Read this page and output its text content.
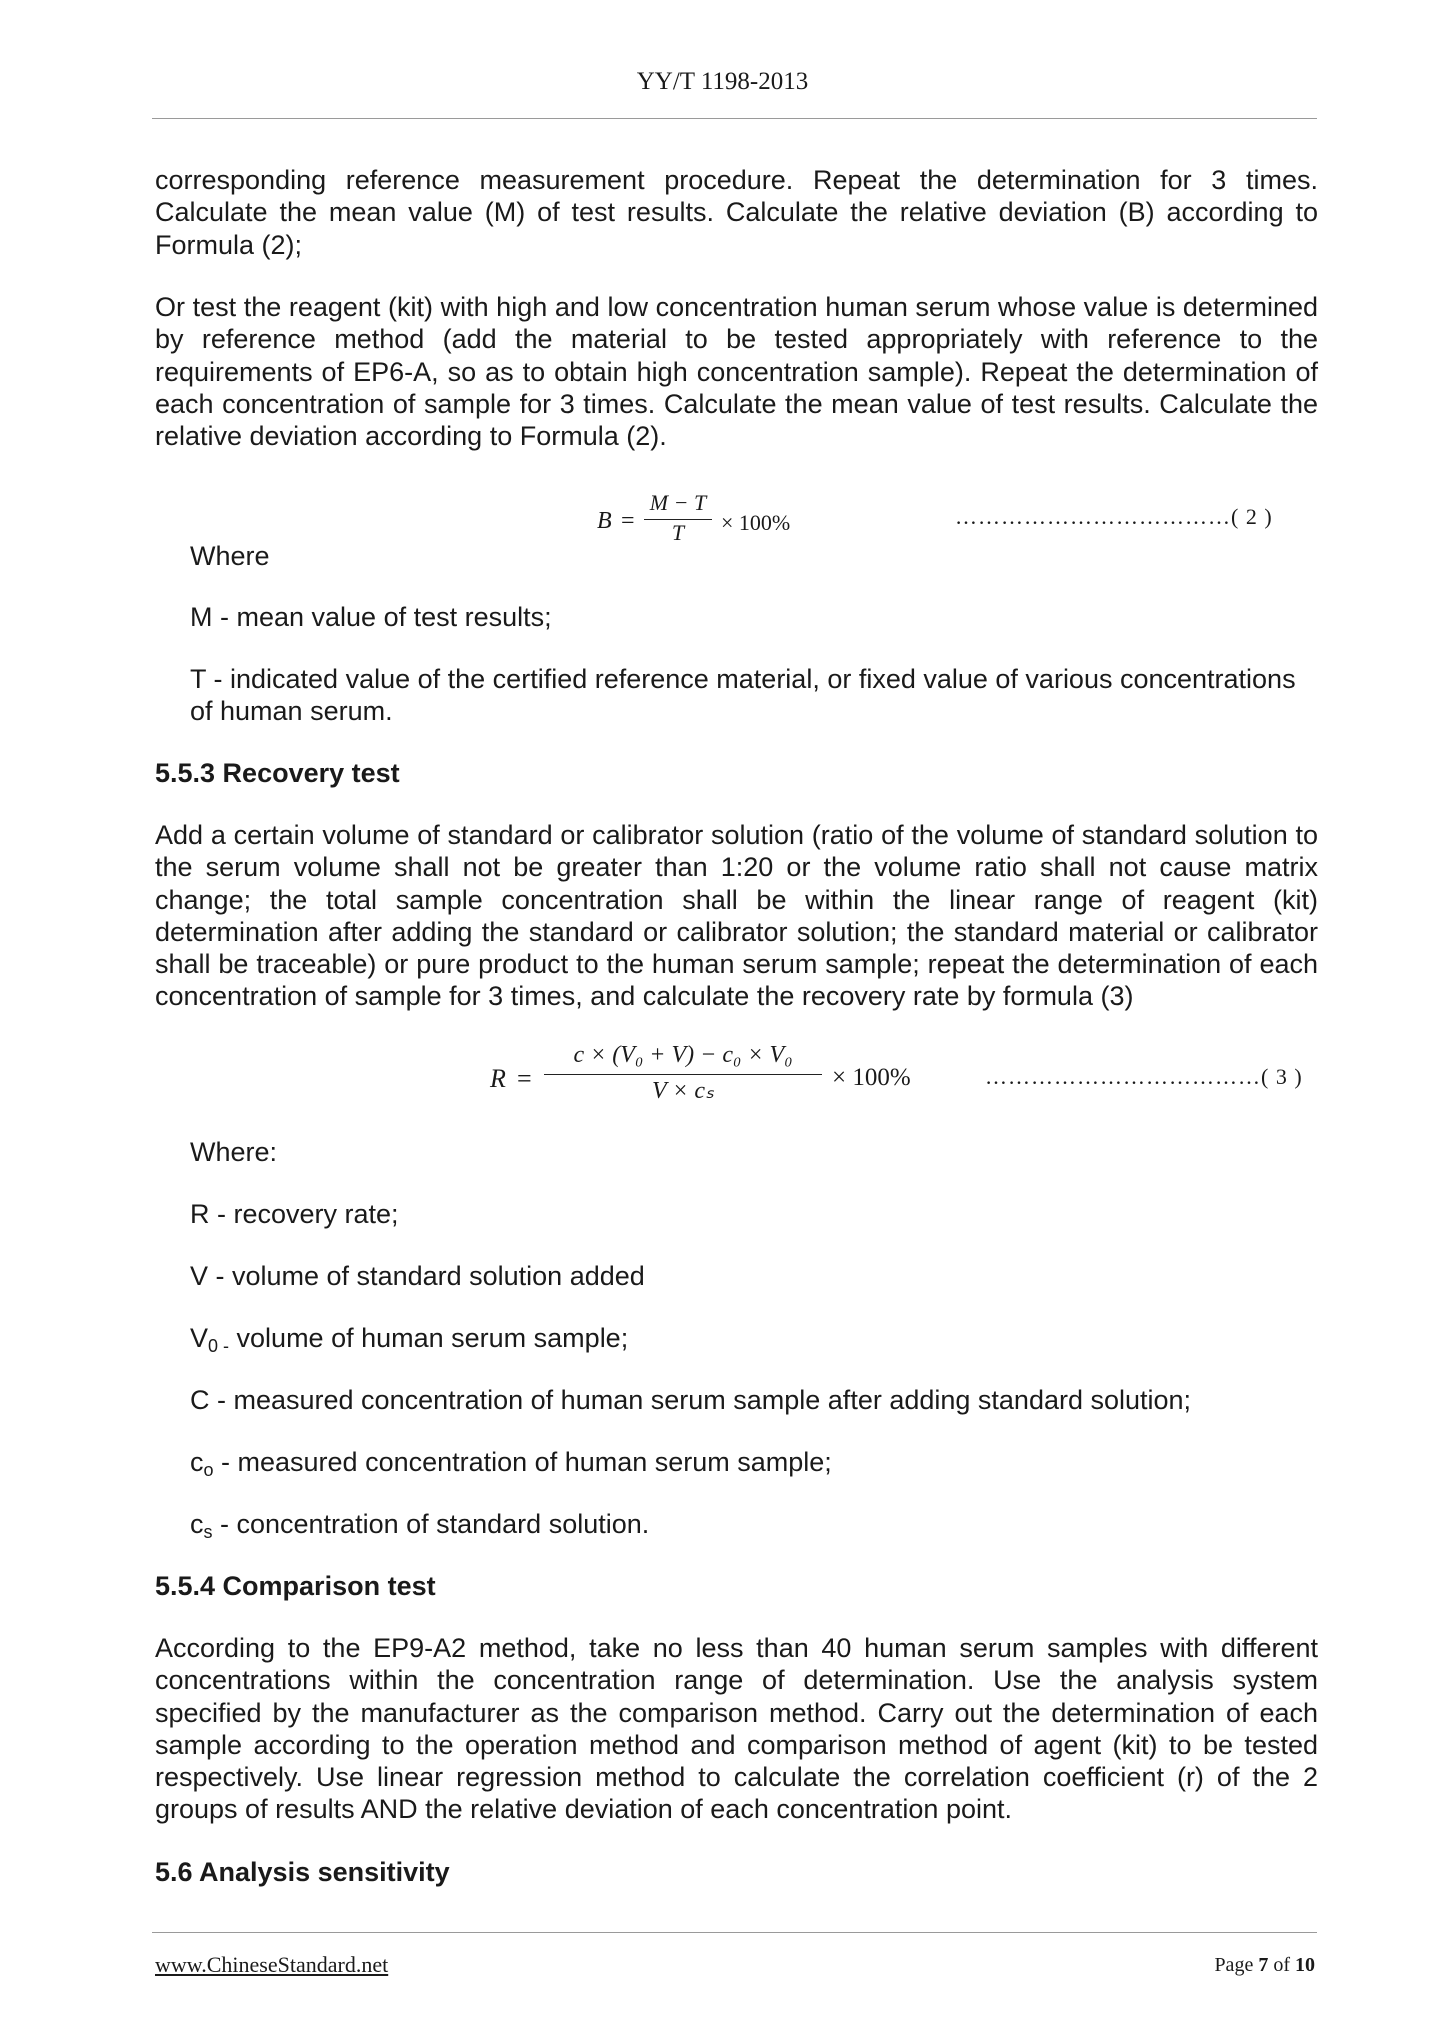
YY/T 1198-2013
corresponding reference measurement procedure. Repeat the determination for 3 times. Calculate the mean value (M) of test results. Calculate the relative deviation (B) according to Formula (2);
Or test the reagent (kit) with high and low concentration human serum whose value is determined by reference method (add the material to be tested appropriately with reference to the requirements of EP6-A, so as to obtain high concentration sample). Repeat the determination of each concentration of sample for 3 times. Calculate the mean value of test results. Calculate the relative deviation according to Formula (2).
B =
M − T
T	× 100%	………………………………( 2 )
Where
M - mean value of test results;
T - indicated value of the certified reference material, or fixed value of various concentrations of human serum.
5.5.3 Recovery test
Add a certain volume of standard or calibrator solution (ratio of the volume of standard solution to the serum volume shall not be greater than 1:20 or the volume ratio shall not cause matrix change; the total sample concentration shall be within the linear range of reagent (kit) determination after adding the standard or calibrator solution; the standard material or calibrator shall be traceable) or pure product to the human serum sample; repeat the determination of each concentration of sample for 3 times, and calculate the recovery rate by formula (3)
R =
c × (V₀ + V) − c₀ × V₀
V × cₛ	× 100%	………………………………( 3 )
Where:
R - recovery rate;
V - volume of standard solution added
$V_{0 -}$ volume of human serum sample;
C - measured concentration of human serum sample after adding standard solution;
$c_o$ - measured concentration of human serum sample;
$c_s$ - concentration of standard solution.
5.5.4 Comparison test
According to the EP9-A2 method, take no less than 40 human serum samples with different concentrations within the concentration range of determination. Use the analysis system specified by the manufacturer as the comparison method. Carry out the determination of each sample according to the operation method and comparison method of agent (kit) to be tested respectively. Use linear regression method to calculate the correlation coefficient (r) of the 2 groups of results AND the relative deviation of each concentration point.
5.6 Analysis sensitivity
www.ChineseStandard.net	Page 7 of 10
